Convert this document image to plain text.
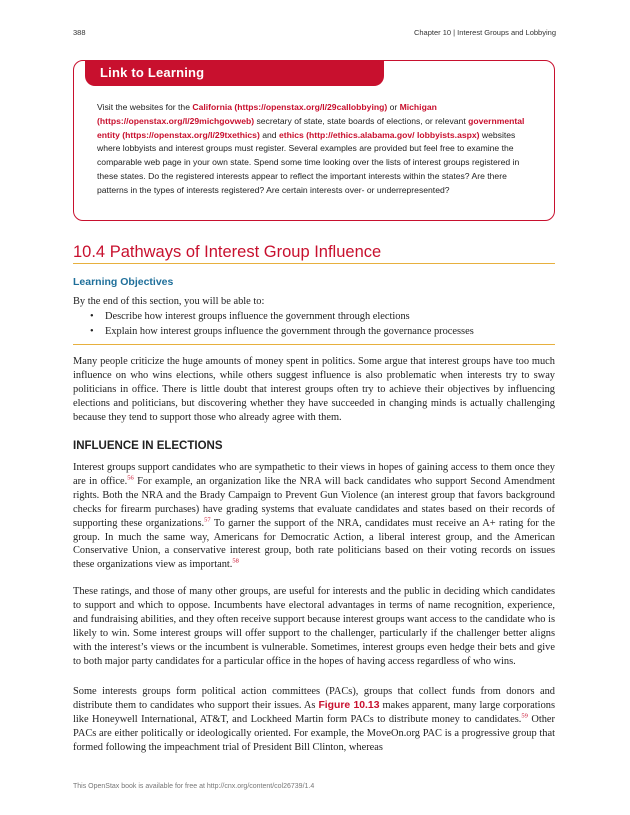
388	Chapter 10 | Interest Groups and Lobbying
Link to Learning
Visit the websites for the California (https://openstax.org/l/29callobbying) or Michigan (https://openstax.org/l/29michgovweb) secretary of state, state boards of elections, or relevant governmental entity (https://openstax.org/l/29txethics) and ethics (http://ethics.alabama.gov/ lobbyists.aspx) websites where lobbyists and interest groups must register. Several examples are provided but feel free to examine the comparable web page in your own state. Spend some time looking over the lists of interest groups registered in these states. Do the registered interests appear to reflect the important interests within the states? Are there patterns in the types of interests registered? Are certain interests over- or underrepresented?
10.4 Pathways of Interest Group Influence
Learning Objectives
By the end of this section, you will be able to:
• Describe how interest groups influence the government through elections
• Explain how interest groups influence the government through the governance processes
Many people criticize the huge amounts of money spent in politics. Some argue that interest groups have too much influence on who wins elections, while others suggest influence is also problematic when interests try to sway politicians in office. There is little doubt that interest groups often try to achieve their objectives by influencing elections and politicians, but discovering whether they have succeeded in changing minds is actually challenging because they tend to support those who already agree with them.
INFLUENCE IN ELECTIONS
Interest groups support candidates who are sympathetic to their views in hopes of gaining access to them once they are in office.$^{56}$ For example, an organization like the NRA will back candidates who support Second Amendment rights. Both the NRA and the Brady Campaign to Prevent Gun Violence (an interest group that favors background checks for firearm purchases) have grading systems that evaluate candidates and states based on their records of supporting these organizations.$^{57}$ To garner the support of the NRA, candidates must receive an A+ rating for the group. In much the same way, Americans for Democratic Action, a liberal interest group, and the American Conservative Union, a conservative interest group, both rate politicians based on their voting records on issues these organizations view as important.$^{58}$
These ratings, and those of many other groups, are useful for interests and the public in deciding which candidates to support and which to oppose. Incumbents have electoral advantages in terms of name recognition, experience, and fundraising abilities, and they often receive support because interest groups want access to the candidate who is likely to win. Some interest groups will offer support to the challenger, particularly if the challenger better aligns with the interest’s views or the incumbent is vulnerable. Sometimes, interest groups even hedge their bets and give to both major party candidates for a particular office in the hopes of having access regardless of who wins.
Some interests groups form political action committees (PACs), groups that collect funds from donors and distribute them to candidates who support their issues. As Figure 10.13 makes apparent, many large corporations like Honeywell International, AT&T, and Lockheed Martin form PACs to distribute money to candidates.$^{59}$ Other PACs are either politically or ideologically oriented. For example, the MoveOn.org PAC is a progressive group that formed following the impeachment trial of President Bill Clinton, whereas
This OpenStax book is available for free at http://cnx.org/content/col26739/1.4
